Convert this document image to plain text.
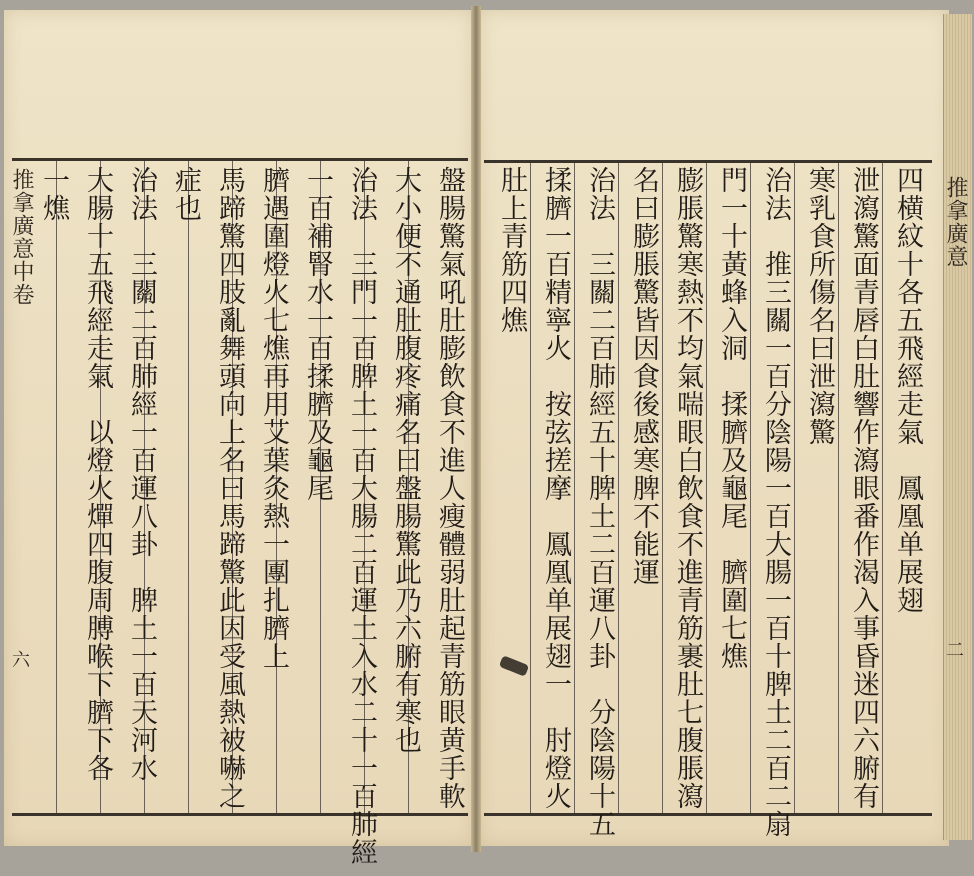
四横紋十各五飛經走氣　鳳凰单展翅
泄瀉驚面青唇白肚響作瀉眼番作渴入事昏迷四六腑有
寒乳食所傷名曰泄瀉驚
治法　推三關一百分陰陽一百大腸一百十脾土二百二扇
門一十黃蜂入洞　揉臍及龜尾　臍圍七燋
膨脹驚寒熱不均氣喘眼白飲食不進青筋裹肚七腹脹瀉
名曰膨脹驚皆因食後感寒脾不能運
治法　三關二百肺經五十脾土二百運八卦　分陰陽十五
揉臍一百精寧火　按弦搓摩　鳳凰单展翅一　肘燈火
肚上青筋四燋	推拿廣意
二
盤腸驚氣吼肚膨飲食不進人瘦體弱肚起青筋眼黄手軟
大小便不通肚腹疼痛名曰盤腸驚此乃六腑有寒也
治法　三門一百脾土一百大腸二百運土入水二十一百肺經
一百補腎水一百揉臍及龜尾
臍遇圍燈火七燋再用艾葉灸熱一團扎臍上
馬蹄驚四肢亂舞頭向上名曰馬蹄驚此因受風熱被嚇之
症也
治法　三關二百肺經一百運八卦　脾土一百天河水
大腸十五飛經走氣　以燈火燀四腹周膊喉下臍下各
一燋
推拿廣意中卷
六
